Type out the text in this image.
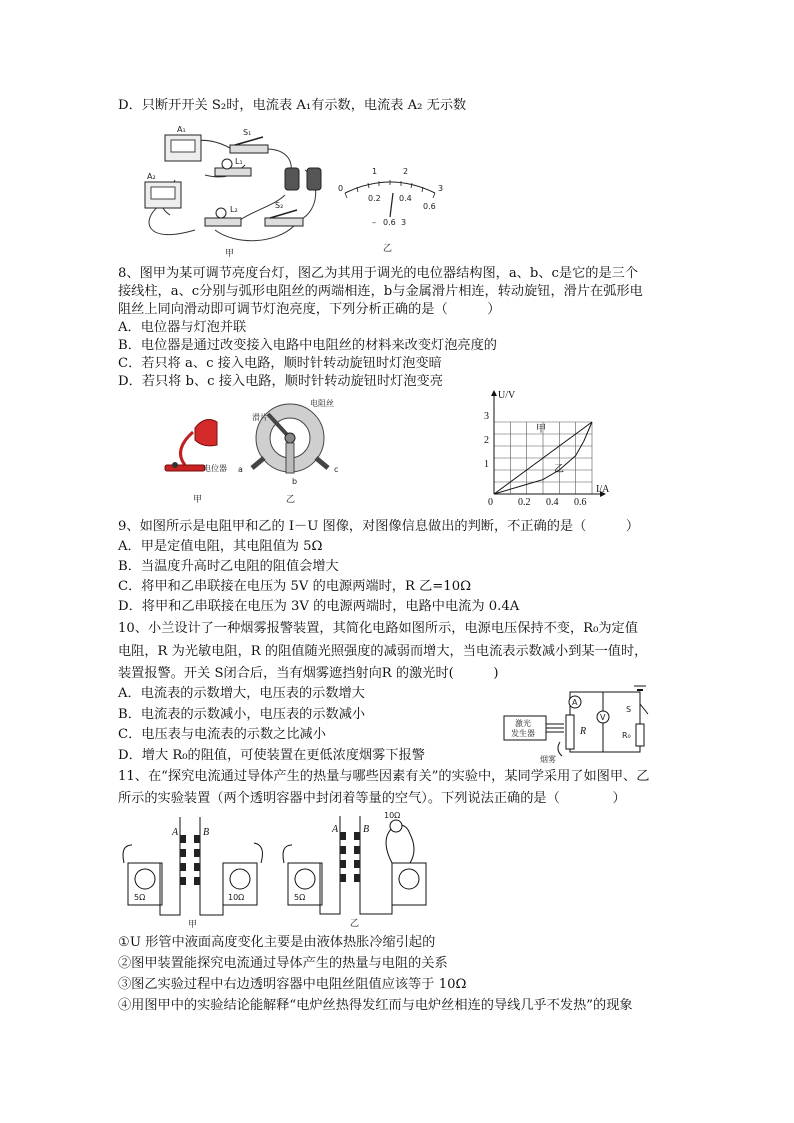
D．只断开开关 S₂时，电流表 A₁有示数，电流表 A₂ 无示数
A₁
A₂
S₁
L₁
L₂	S₂
甲
0
1	2
3
0.2 0.4
0.6
– 0.6 3
乙
8、图甲为某可调节亮度台灯，图乙为其用于调光的电位器结构图，a、b、c是它的是三个
接线柱，a、c分别与弧形电阻丝的两端相连，b与金属滑片相连，转动旋钮，滑片在弧形电
阻丝上同向滑动即可调节灯泡亮度，下列分析正确的是（　　　）
A．电位器与灯泡并联
B．电位器是通过改变接入电路中电阻丝的材料来改变灯泡亮度的
C．若只将 a、c 接入电路，顺时针转动旋钮时灯泡变暗
D．若只将 b、c 接入电路，顺时针转动旋钮时灯泡变亮
电位器
甲
滑片
电阻丝
a
b
c
乙
U/V
I/A
0	0.2 0.4 0.6
1
2
3
甲
乙
9、如图所示是电阻甲和乙的 I－U 图像，对图像信息做出的判断，不正确的是（　　　）
A．甲是定值电阻，其电阻值为 5Ω
B．当温度升高时乙电阻的阻值会增大
C．将甲和乙串联接在电压为 5V 的电源两端时，R 乙=10Ω
D．将甲和乙串联接在电压为 3V 的电源两端时，电路中电流为 0.4A
10、小兰设计了一种烟雾报警装置，其简化电路如图所示，电源电压保持不变，R₀为定值
电阻，R 为光敏电阻，R 的阻值随光照强度的减弱而增大，当电流表示数减小到某一值时，
装置报警。开关 S闭合后，当有烟雾遮挡射向R 的激光时(　　　)
A．电流表的示数增大，电压表的示数增大
B．电流表的示数减小，电压表的示数减小
C．电压表与电流表的示数之比减小
D．增大 R₀的阻值，可使装置在更低浓度烟雾下报警
激光
发生器	R
A
V
S
R₀
烟雾
11、在“探究电流通过导体产生的热量与哪些因素有关”的实验中，某同学采用了如图甲、乙
所示的实验装置（两个透明容器中封闭着等量的空气）。下列说法正确的是（　　　　）
5Ω	10Ω
A B
甲
5Ω
A B
10Ω
乙
①U 形管中液面高度变化主要是由液体热胀冷缩引起的
②图甲装置能探究电流通过导体产生的热量与电阻的关系
③图乙实验过程中右边透明容器中电阻丝阻值应该等于 10Ω
④用图甲中的实验结论能解释“电炉丝热得发红而与电炉丝相连的导线几乎不发热”的现象
